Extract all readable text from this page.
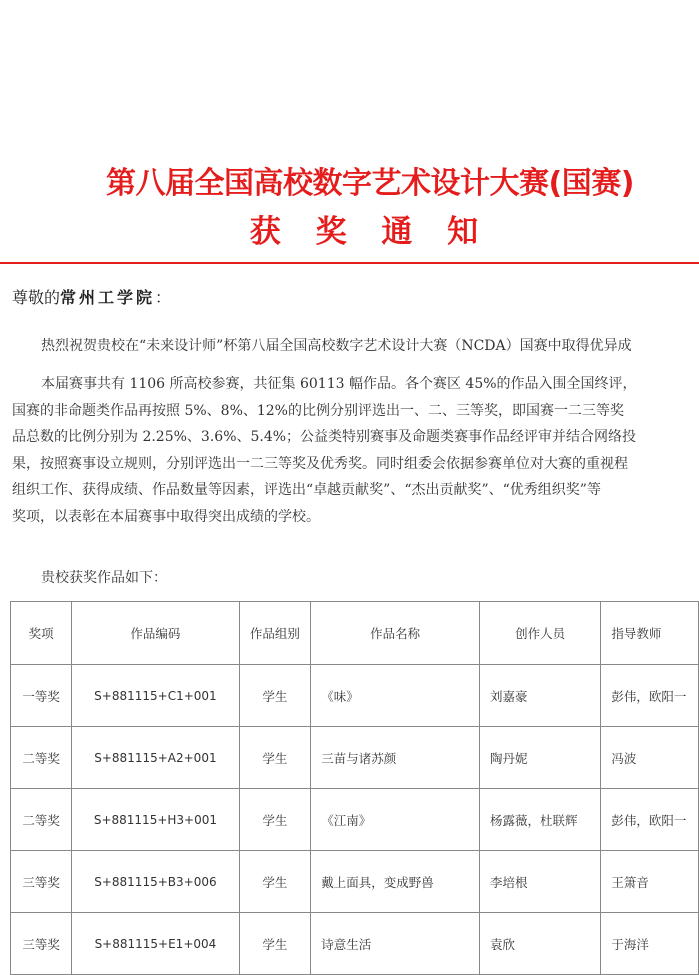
第八届全国高校数字艺术设计大赛(国赛)
获 奖 通 知
尊敬的常州工学院：
热烈祝贺贵校在“未来设计师”杯第八届全国高校数字艺术设计大赛（NCDA）国赛中取得优异成
本届赛事共有 1106 所高校参赛，共征集 60113 幅作品。各个赛区 45%的作品入围全国终评，
国赛的非命题类作品再按照 5%、8%、12%的比例分别评选出一、二、三等奖，即国赛一二三等奖
品总数的比例分别为 2.25%、3.6%、5.4%；公益类特别赛事及命题类赛事作品经评审并结合网络投
果，按照赛事设立规则，分别评选出一二三等奖及优秀奖。同时组委会依据参赛单位对大赛的重视程
组织工作、获得成绩、作品数量等因素，评选出“卓越贡献奖”、“杰出贡献奖”、“优秀组织奖”等
奖项，以表彰在本届赛事中取得突出成绩的学校。
贵校获奖作品如下：
奖项	作品编码	作品组别	作品名称	创作人员	指导教师
一等奖	S+881115+C1+001	学生	《味》	刘嘉豪	彭伟，欧阳一
二等奖	S+881115+A2+001	学生	三苗与诸苏颜	陶丹妮	冯波
二等奖	S+881115+H3+001	学生	《江南》	杨露薇，杜联辉	彭伟，欧阳一
三等奖	S+881115+B3+006	学生	戴上面具，变成野兽	李培根	王箫音
三等奖	S+881115+E1+004	学生	诗意生活	袁欣	于海洋
